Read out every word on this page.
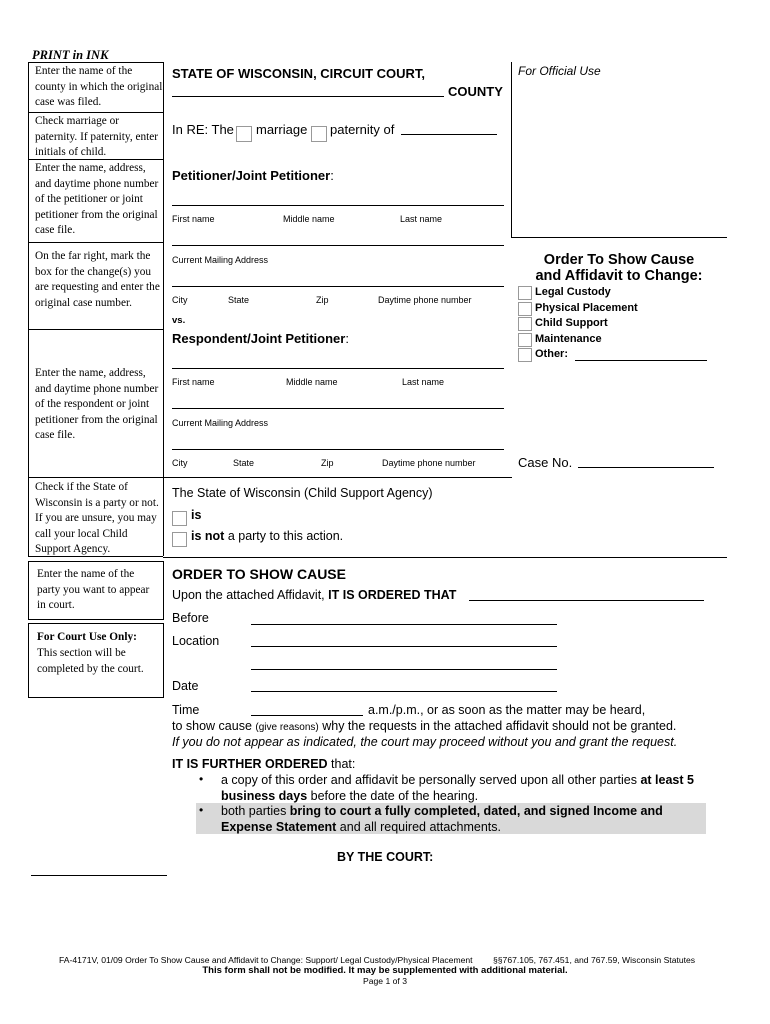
PRINT in INK
Enter the name of the county in which the original case was filed.
Check marriage or paternity. If paternity, enter initials of child.
Enter the name, address, and daytime phone number of the petitioner or joint petitioner from the original case file.
On the far right, mark the box for the change(s) you are requesting and enter the original case number.
Enter the name, address, and daytime phone number of the respondent or joint petitioner from the original case file.
Check if the State of Wisconsin is a party or not. If you are unsure, you may call your local Child Support Agency.
Enter the name of the party you want to appear in court.
For Court Use Only:
This section will be completed by the court.
For Official Use
STATE OF WISCONSIN, CIRCUIT COURT,
COUNTY
In RE: The marriage paternity of
Petitioner/Joint Petitioner:
First name	Middle name	Last name
Current Mailing Address
City	State	Zip	Daytime phone number
vs.
Respondent/Joint Petitioner:
First name	Middle name	Last name
Current Mailing Address
City	State	Zip	Daytime phone number
Order To Show Cause
and Affidavit to Change:
Legal Custody
Physical Placement
Child Support
Maintenance
Other:
Case No.
The State of Wisconsin (Child Support Agency)
is
is not a party to this action.
ORDER TO SHOW CAUSE
Upon the attached Affidavit, IT IS ORDERED THAT
Before
Location
Date
Time	a.m./p.m., or as soon as the matter may be heard,
to show cause (give reasons) why the requests in the attached affidavit should not be granted.
If you do not appear as indicated, the court may proceed without you and grant the request.
IT IS FURTHER ORDERED that:
• a copy of this order and affidavit be personally served upon all other parties at least 5 business days before the date of the hearing.
• both parties bring to court a fully completed, dated, and signed Income and Expense Statement and all required attachments.
BY THE COURT:
FA-4171V, 01/09 Order To Show Cause and Affidavit to Change: Support/ Legal Custody/Physical Placement §§767.105, 767.451, and 767.59, Wisconsin Statutes
This form shall not be modified. It may be supplemented with additional material.
Page 1 of 3
